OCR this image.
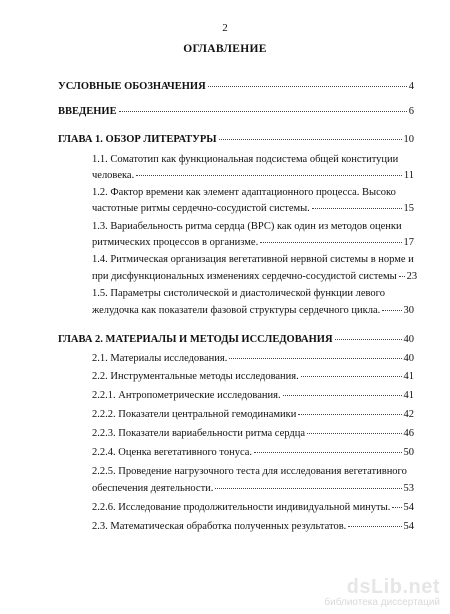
2
ОГЛАВЛЕНИЕ
УСЛОВНЫЕ ОБОЗНАЧЕНИЯ	4
ВВЕДЕНИЕ	6
ГЛАВА 1. ОБЗОР ЛИТЕРАТУРЫ	10
1.1. Соматотип как функциональная подсистема общей конституции
человека.	11
1.2. Фактор времени как элемент адаптационного процесса. Высоко
частотные ритмы сердечно-сосудистой системы.	15
1.3. Вариабельность ритма сердца (ВРС) как один из методов оценки
ритмических процессов в организме.	17
1.4. Ритмическая организация вегетативной нервной системы в норме и
при дисфункциональных изменениях сердечно-сосудистой системы 23
1.5. Параметры систолической и диастолической функции левого
желудочка как показатели фазовой структуры сердечного цикла. 30
ГЛАВА 2. МАТЕРИАЛЫ И МЕТОДЫ ИССЛЕДОВАНИЯ	40
2.1. Материалы исследования.	40
2.2. Инструментальные методы исследования.	41
2.2.1. Антропометрические исследования.	41
2.2.2. Показатели центральной гемодинамики	42
2.2.3. Показатели вариабельности ритма сердца	46
2.2.4. Оценка вегетативного тонуса.	50
2.2.5. Проведение нагрузочного теста для исследования вегетативного
обеспечения деятельности.	53
2.2.6. Исследование продолжительности индивидуальной минуты. 54
2.3. Математическая обработка полученных результатов.	54
dsLib.net
библиотека диссертаций
